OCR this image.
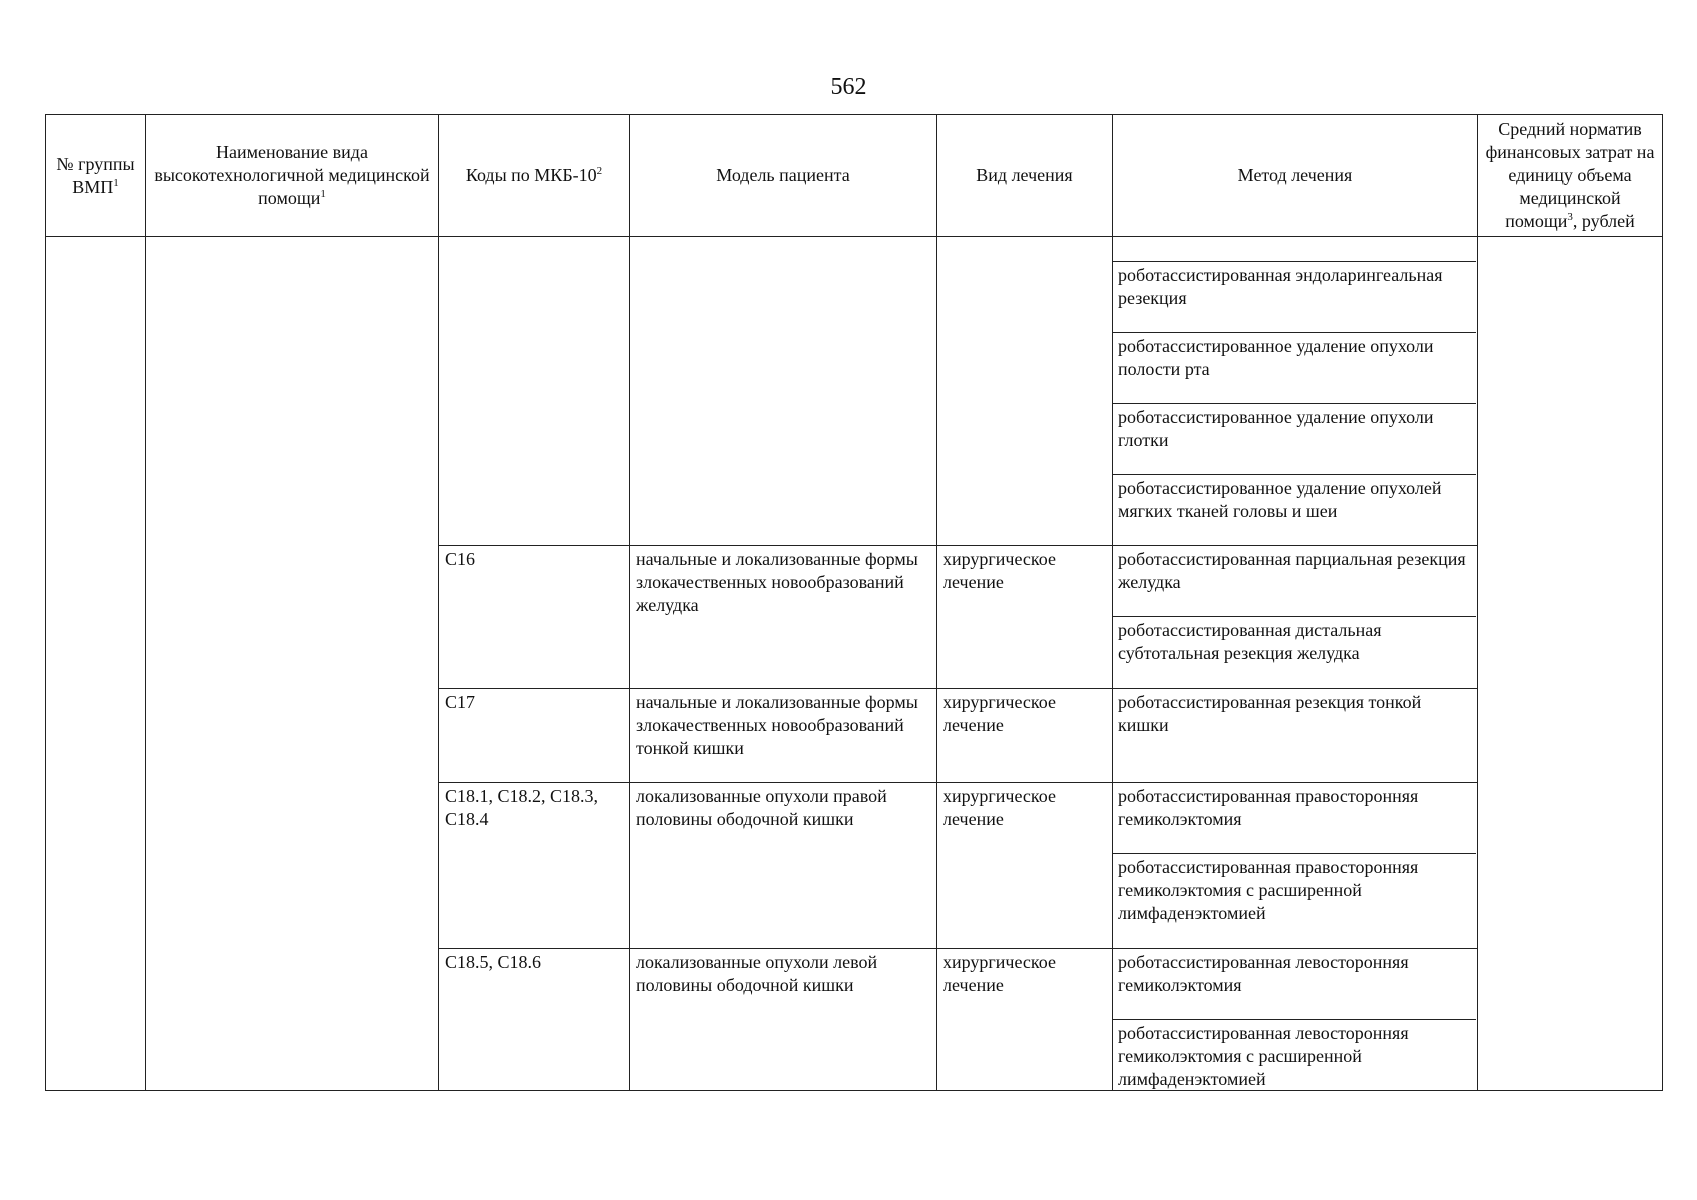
562
№ группы ВМП$^1$	Наименование вида высокотехнологичной медицинской помощи$^1$	Коды по МКБ-$10^2$	Модель пациента	Вид лечения	Метод лечения	Средний норматив финансовых затрат на единицу объема медицинской помощи$^3$, рублей

					роботассистированная эндоларингеальная резекция
роботассистированное удаление опухоли полости рта
роботассистированное удаление опухоли глотки
роботассистированное удаление опухолей мягких тканей головы и шеи	

		C16	начальные и локализованные формы злокачественных новообразований желудка	хирургическое лечение	роботассистированная парциальная резекция желудка
роботассистированная дистальная субтотальная резекция желудка	

		C17	начальные и локализованные формы злокачественных новообразований тонкой кишки	хирургическое лечение	роботассистированная резекция тонкой кишки	

		C18.1, C18.2, C18.3, C18.4	локализованные опухоли правой половины ободочной кишки	хирургическое лечение	роботассистированная правосторонняя гемиколэктомия
роботассистированная правосторонняя гемиколэктомия с расширенной лимфаденэктомией	

		C18.5, C18.6	локализованные опухоли левой половины ободочной кишки	хирургическое лечение	роботассистированная левосторонняя гемиколэктомия
роботассистированная левосторонняя гемиколэктомия с расширенной лимфаденэктомией	
